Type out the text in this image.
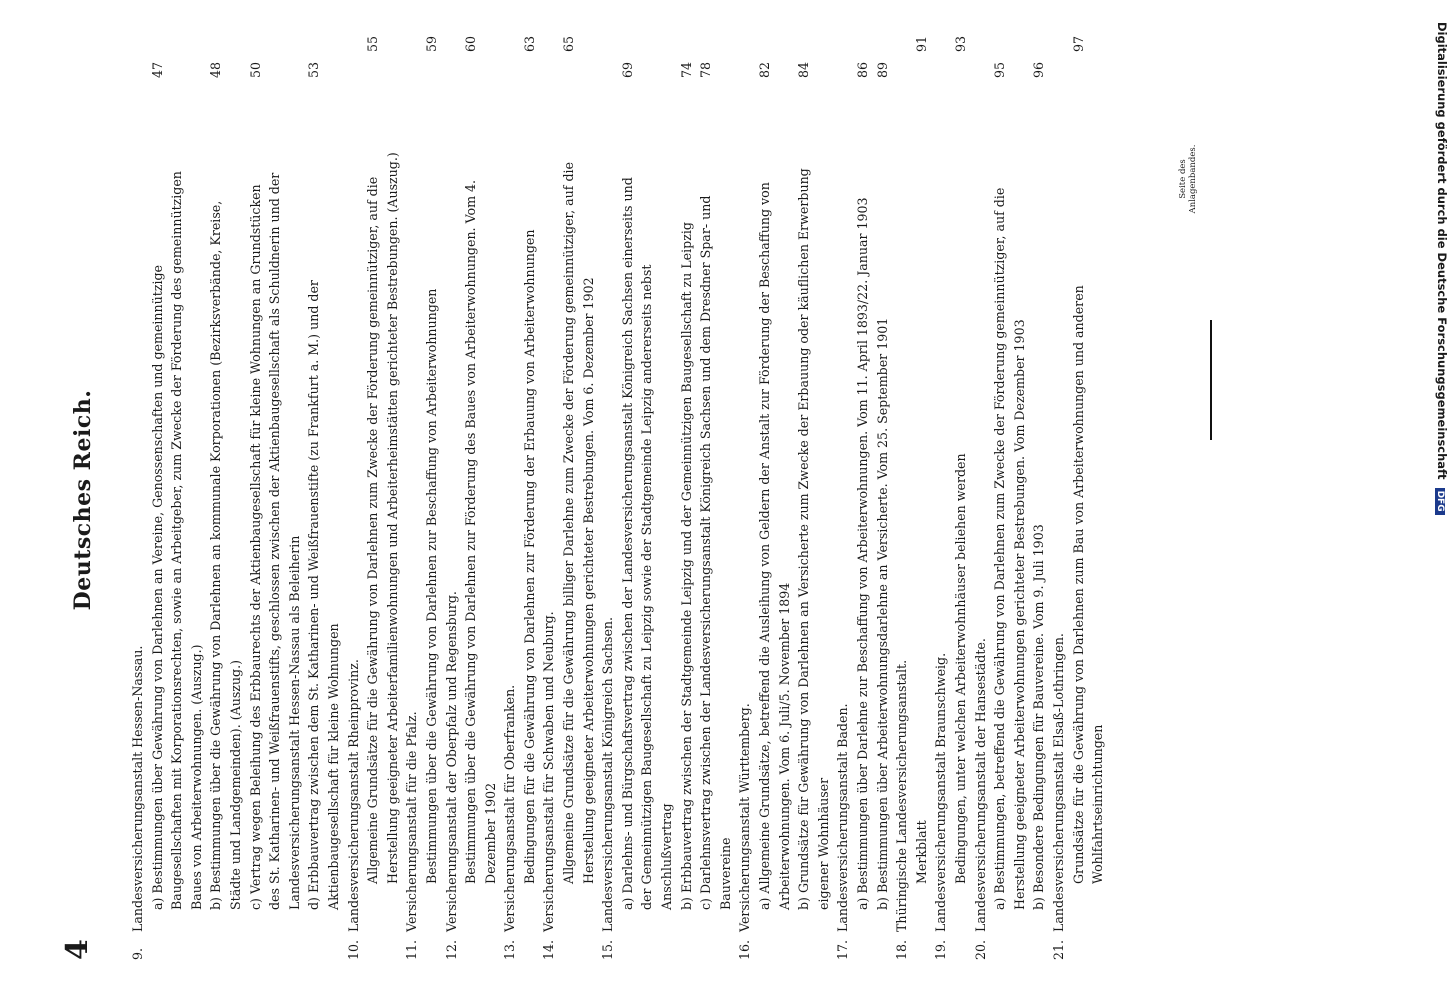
4
Deutsches Reich.
Seite des Anlagenbandes.
9.
Landesversicherungsanstalt Hessen-Nassau. a) Bestimmungen über Gewährung von Darlehnen an Vereine, Genossenschaften und gemeinnützige Baugesellschaften mit Korporationsrechten, sowie an Arbeitgeber, zum Zwecke der Förderung des gemeinnützigen Baues von Arbeiterwohnungen. (Auszug.)
47
b) Bestimmungen über die Gewährung von Darlehnen an kommunale Korporationen (Bezirksverbände, Kreise, Städte und Landgemeinden). (Auszug.)
48
c) Vertrag wegen Beleihung des Erbbaurechts der Aktienbaugesellschaft für kleine Wohnungen an Grundstücken des St. Katharinen- und Weißfrauenstifts, geschlossen zwischen der Aktienbaugesellschaft als Schuldnerin und der Landesversicherungsanstalt Hessen-Nassau als Beleiherin
50
d) Erbbauvertrag zwischen dem St. Katharinen- und Weißfrauenstifte (zu Frankfurt a. M.) und der Aktienbaugesellschaft für kleine Wohnungen
53
10.
Landesversicherungsanstalt Rheinprovinz. Allgemeine Grundsätze für die Gewährung von Darlehnen zum Zwecke der Förderung gemeinnütziger, auf die Herstellung geeigneter Arbeiterfamilienwohnungen und Arbeiterheimstätten gerichteter Bestrebungen. (Auszug.)
55
11.
Versicherungsanstalt für die Pfalz. Bestimmungen über die Gewährung von Darlehnen zur Beschaffung von Arbeiterwohnungen
59
12.
Versicherungsanstalt der Oberpfalz und Regensburg. Bestimmungen über die Gewährung von Darlehnen zur Förderung des Baues von Arbeiterwohnungen. Vom 4. Dezember 1902
60
13.
Versicherungsanstalt für Oberfranken. Bedingungen für die Gewährung von Darlehnen zur Förderung der Erbauung von Arbeiterwohnungen
63
14.
Versicherungsanstalt für Schwaben und Neuburg. Allgemeine Grundsätze für die Gewährung billiger Darlehne zum Zwecke der Förderung gemeinnütziger, auf die Herstellung geeigneter Arbeiterwohnungen gerichteter Bestrebungen. Vom 6. Dezember 1902
65
15.
Landesversicherungsanstalt Königreich Sachsen. a) Darlehns- und Bürgschaftsvertrag zwischen der Landesversicherungsanstalt Königreich Sachsen einerseits und der Gemeinnützigen Baugesellschaft zu Leipzig sowie der Stadtgemeinde Leipzig andererseits nebst Anschlußvertrag
69
b) Erbbauvertrag zwischen der Stadtgemeinde Leipzig und der Gemeinnützigen Baugesellschaft zu Leipzig
74
c) Darlehnsvertrag zwischen der Landesversicherungsanstalt Königreich Sachsen und dem Dresdner Spar- und Bauvereine
78
16.
Versicherungsanstalt Württemberg. a) Allgemeine Grundsätze, betreffend die Ausleihung von Geldern der Anstalt zur Förderung der Beschaffung von Arbeiterwohnungen. Vom 6. Juli/5. November 1894
82
b) Grundsätze für Gewährung von Darlehnen an Versicherte zum Zwecke der Erbauung oder käuflichen Erwerbung eigener Wohnhäuser
84
17.
Landesversicherungsanstalt Baden. a) Bestimmungen über Darlehne zur Beschaffung von Arbeiterwohnungen. Vom 11. April 1893/22. Januar 1903
86
b) Bestimmungen über Arbeiterwohnungsdarlehne an Versicherte. Vom 25. September 1901
89
18.
Thüringische Landesversicherungsanstalt. Merkblatt
91
19.
Landesversicherungsanstalt Braunschweig. Bedingungen, unter welchen Arbeiterwohnhäuser beliehen werden
93
20.
Landesversicherungsanstalt der Hansestädte. a) Bestimmungen, betreffend die Gewährung von Darlehnen zum Zwecke der Förderung gemeinnütziger, auf die Herstellung geeigneter Arbeiterwohnungen gerichteter Bestrebungen. Vom Dezember 1903
95
b) Besondere Bedingungen für Bauvereine. Vom 9. Juli 1903
96
21.
Landesversicherungsanstalt Elsaß-Lothringen. Grundsätze für die Gewährung von Darlehnen zum Bau von Arbeiterwohnungen und anderen Wohlfahrtseinrichtungen
97	Digitalisierung gefördert durch die Deutsche Forschungsgemeinschaft DFG
